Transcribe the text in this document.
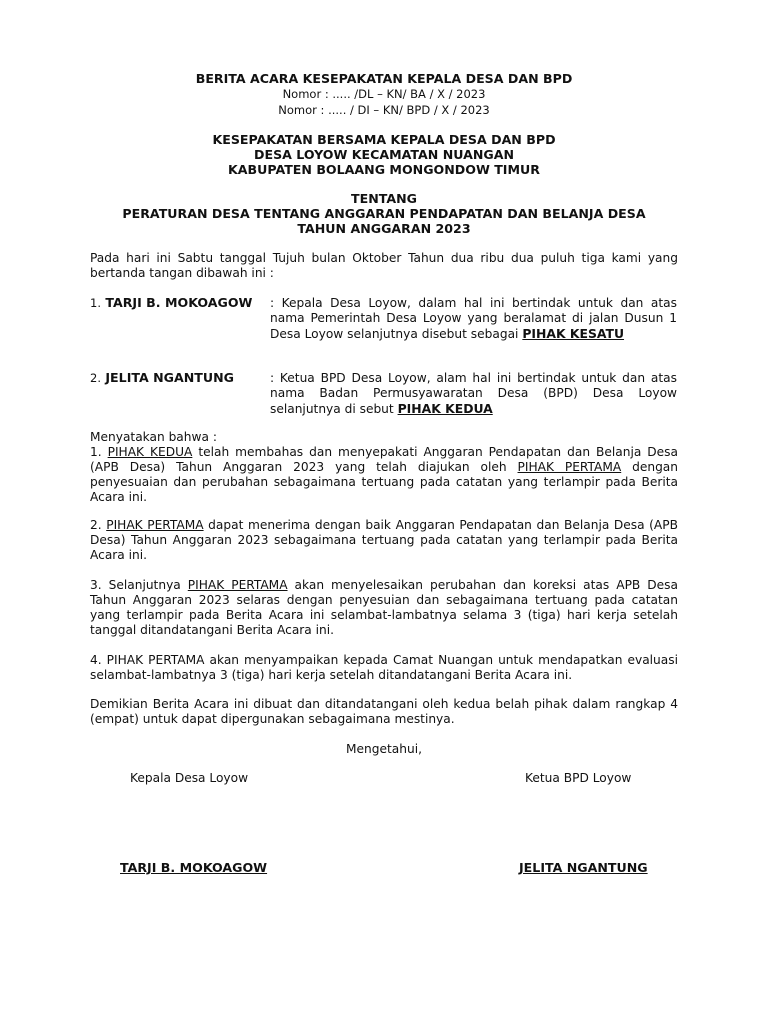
BERITA ACARA KESEPAKATAN KEPALA DESA DAN BPD

Nomor : ..... /DL – KN/ BA / X / 2023

Nomor : ..... / DI – KN/ BPD / X / 2023

KESEPAKATAN BERSAMA KEPALA DESA DAN BPD

DESA LOYOW KECAMATAN NUANGAN

KABUPATEN BOLAANG MONGONDOW TIMUR

TENTANG

PERATURAN DESA TENTANG ANGGARAN PENDAPATAN DAN BELANJA DESA

TAHUN ANGGARAN 2023

Pada hari ini Sabtu tanggal Tujuh bulan Oktober Tahun dua ribu dua puluh tiga kami yang bertanda tangan dibawah ini :

1. TARJI B. MOKOAGOW : Kepala Desa Loyow, dalam hal ini bertindak untuk dan atas nama Pemerintah Desa Loyow yang beralamat di jalan Dusun 1 Desa Loyow selanjutnya disebut sebagai PIHAK KESATU

2. JELITA NGANTUNG	: Ketua BPD Desa Loyow, alam hal ini bertindak untuk dan atas nama Badan Permusyawaratan Desa (BPD) Desa Loyow selanjutnya di sebut PIHAK KEDUA

Menyatakan bahwa :

1. PIHAK KEDUA telah membahas dan menyepakati Anggaran Pendapatan dan Belanja Desa (APB Desa) Tahun Anggaran 2023 yang telah diajukan oleh PIHAK PERTAMA dengan penyesuaian dan perubahan sebagaimana tertuang pada catatan yang terlampir pada Berita Acara ini.

2. PIHAK PERTAMA dapat menerima dengan baik Anggaran Pendapatan dan Belanja Desa (APB Desa) Tahun Anggaran 2023 sebagaimana tertuang pada catatan yang terlampir pada Berita Acara ini.

3. Selanjutnya PIHAK PERTAMA akan menyelesaikan perubahan dan koreksi atas APB Desa Tahun Anggaran 2023 selaras dengan penyesuian dan sebagaimana tertuang pada catatan yang terlampir pada Berita Acara ini selambat-lambatnya selama 3 (tiga) hari kerja setelah tanggal ditandatangani Berita Acara ini.

4. PIHAK PERTAMA akan menyampaikan kepada Camat Nuangan untuk mendapatkan evaluasi selambat-lambatnya 3 (tiga) hari kerja setelah ditandatangani Berita Acara ini.

Demikian Berita Acara ini dibuat dan ditandatangani oleh kedua belah pihak dalam rangkap 4 (empat) untuk dapat dipergunakan sebagaimana mestinya.

Mengetahui,

Kepala Desa Loyow	Ketua BPD Loyow

TARJI B. MOKOAGOW	JELITA NGANTUNG
